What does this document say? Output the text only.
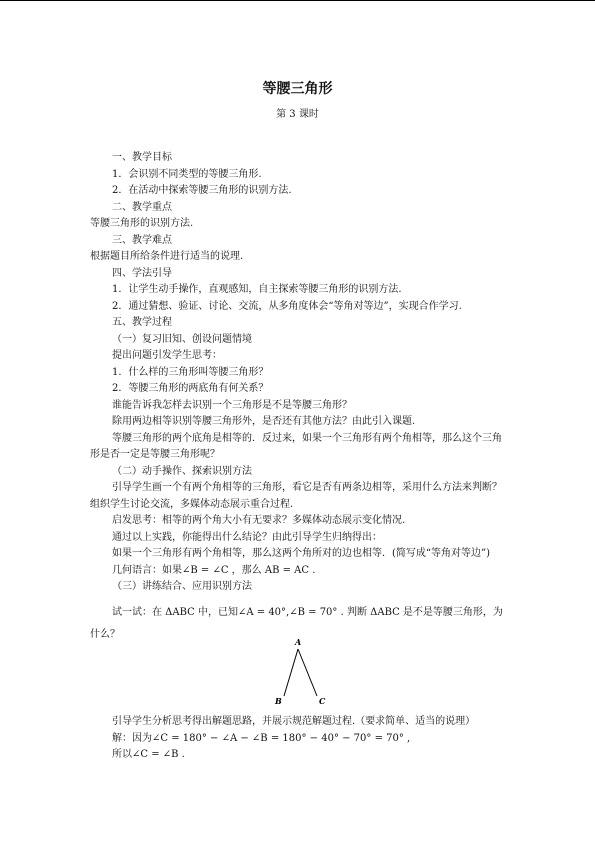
等腰三角形
第 3 课时

一、教学目标

1．会识别不同类型的等腰三角形.

2．在活动中探索等腰三角形的识别方法.

二、教学重点

等腰三角形的识别方法.

三、教学难点

根据题目所给条件进行适当的说理.

四、学法引导

1．让学生动手操作，直观感知，自主探索等腰三角形的识别方法.

2．通过猜想、验证、讨论、交流，从多角度体会“等角对等边”，实现合作学习.

五、教学过程

（一）复习旧知、创设问题情境

提出问题引发学生思考：

1．什么样的三角形叫等腰三角形？

2．等腰三角形的两底角有何关系？

谁能告诉我怎样去识别一个三角形是不是等腰三角形？

除用两边相等识别等腰三角形外，是否还有其他方法？由此引入课题.

等腰三角形的两个底角是相等的．反过来，如果一个三角形有两个角相等，那么这个三角形是否一定是等腰三角形呢？

（二）动手操作、探索识别方法

引导学生画一个有两个角相等的三角形，看它是否有两条边相等，采用什么方法来判断？组织学生讨论交流，多媒体动态展示重合过程.

启发思考：相等的两个角大小有无要求？多媒体动态展示变化情况.

通过以上实践，你能得出什么结论？由此引导学生归纳得出：

如果一个三角形有两个角相等，那么这两个角所对的边也相等．(简写成“等角对等边”)

几何语言：如果∠B = ∠C ，那么 AB = AC .

（三）讲练结合、应用识别方法

试一试：在 ΔABC 中，已知∠A = 40°,∠B = 70° . 判断 ΔABC 是不是等腰三角形，为什么？

A
B	C

引导学生分析思考得出解题思路，并展示规范解题过程.（要求简单、适当的说理）

解：因为∠C = 180° − ∠A − ∠B = 180° − 40° − 70° = 70° ,

所以∠C = ∠B .
